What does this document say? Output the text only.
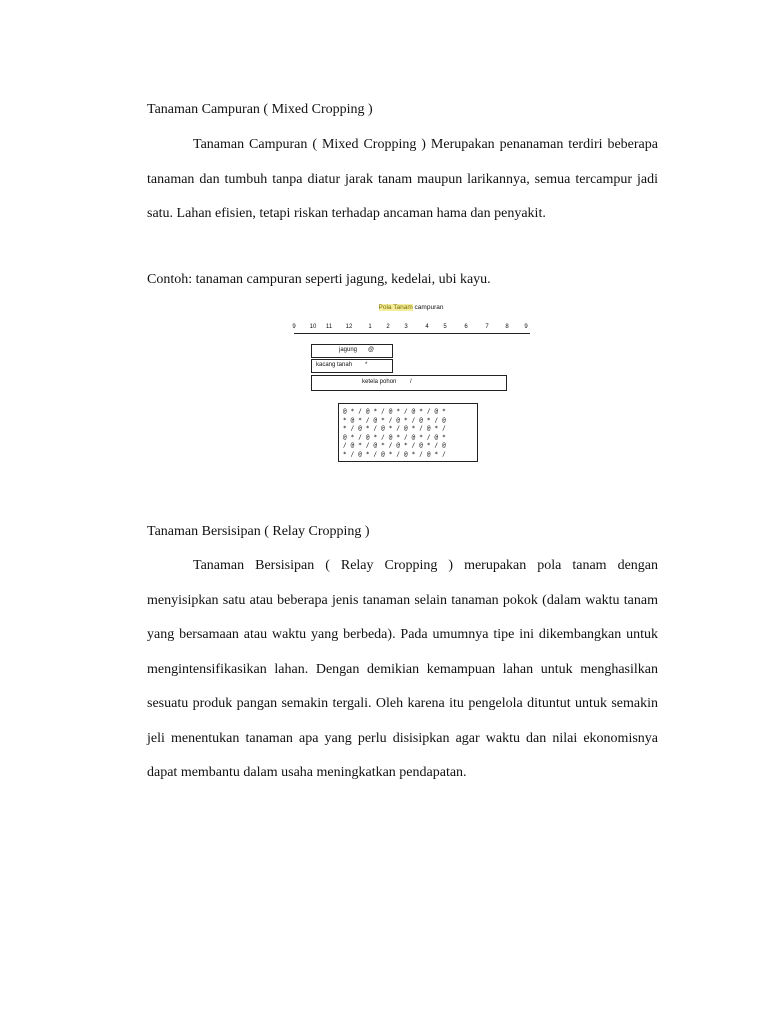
Tanaman Campuran ( Mixed Cropping )
Tanaman Campuran ( Mixed Cropping ) Merupakan penanaman terdiri beberapa tanaman dan tumbuh tanpa diatur jarak tanam maupun larikannya, semua tercampur jadi satu. Lahan efisien, tetapi riskan terhadap ancaman hama dan penyakit.
Contoh: tanaman campuran seperti jagung, kedelai, ubi kayu.
Pola Tanam campuran
9 10 11 12	1 2 3	4 5	6	7	8	9
jagung @
kacang tanah *
ketela pohon /
@ * / @ * / @ * / @ * / @ *
* @ * / @ * / @ * / @ * / @
* / @ * / @ * / @ * / @ * /
@ * / @ * / @ * / @ * / @ *
/ @ * / @ * / @ * / @ * / @
* / @ * / @ * / @ * / @ * /
Tanaman Bersisipan ( Relay Cropping )
Tanaman Bersisipan ( Relay Cropping ) merupakan pola tanam dengan menyisipkan satu atau beberapa jenis tanaman selain tanaman pokok (dalam waktu tanam yang bersamaan atau waktu yang berbeda). Pada umumnya tipe ini dikembangkan untuk mengintensifikasikan lahan. Dengan demikian kemampuan lahan untuk menghasilkan sesuatu produk pangan semakin tergali. Oleh karena itu pengelola dituntut untuk semakin jeli menentukan tanaman apa yang perlu disisipkan agar waktu dan nilai ekonomisnya dapat membantu dalam usaha meningkatkan pendapatan.
